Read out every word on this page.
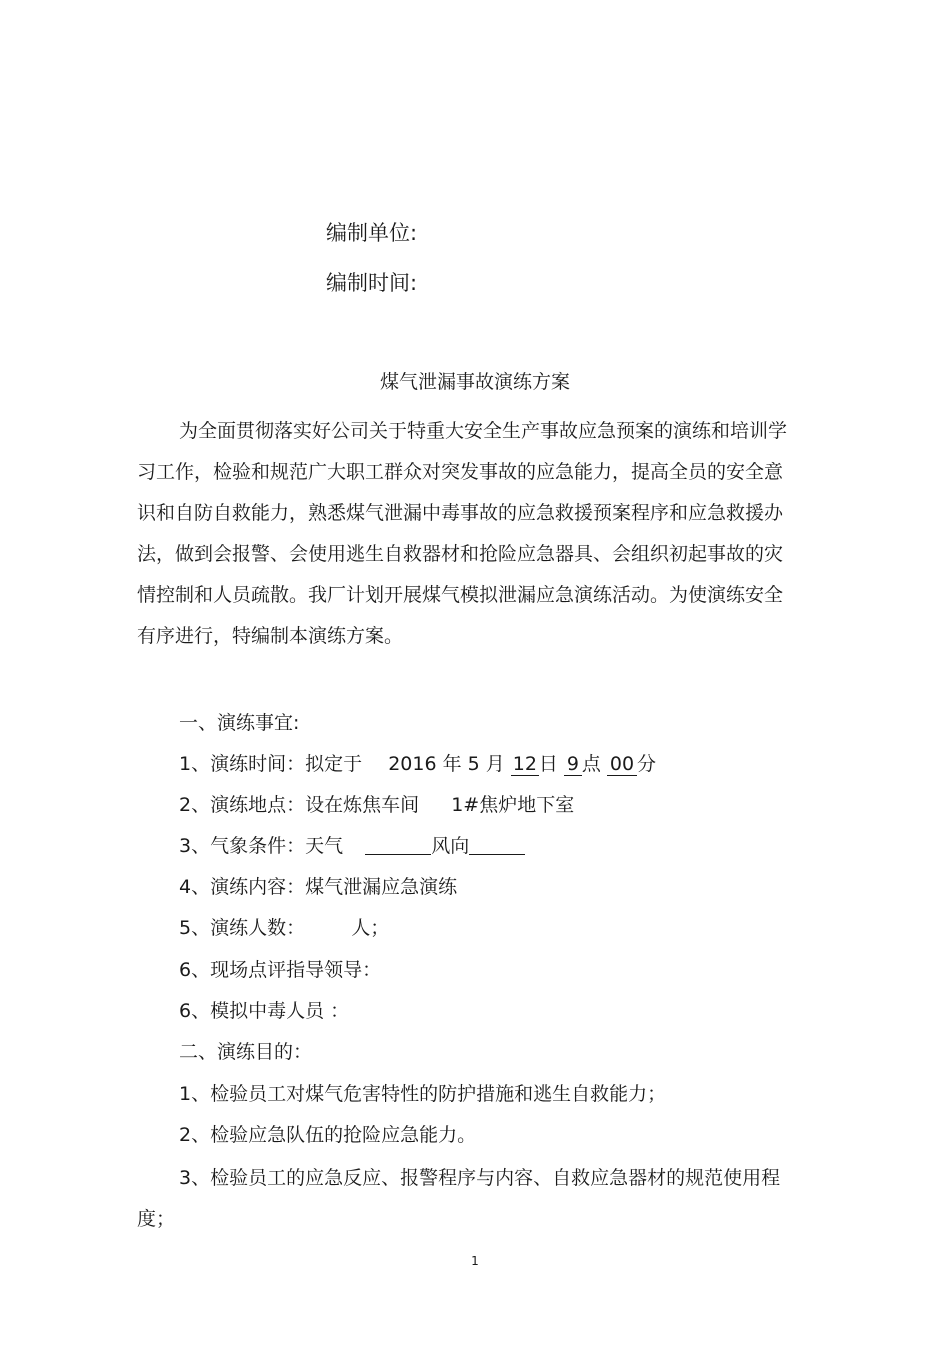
编制单位:
编制时间:
煤气泄漏事故演练方案

为全面贯彻落实好公司关于特重大安全生产事故应急预案的演练和培训学习工作，检验和规范广大职工群众对突发事故的应急能力，提高全员的安全意识和自防自救能力，熟悉煤气泄漏中毒事故的应急救援预案程序和应急救援办法，做到会报警、会使用逃生自救器材和抢险应急器具、会组织初起事故的灾情控制和人员疏散。我厂计划开展煤气模拟泄漏应急演练活动。为使演练安全有序进行，特编制本演练方案。

一、演练事宜:
1、演练时间：拟定于 2016 年 5 月 12 日 9 点 00 分
2、演练地点：设在炼焦车间 1#焦炉地下室
3、气象条件：天气	风向
4、演练内容：煤气泄漏应急演练
5、演练人数： 人；
6、现场点评指导领导：
6、模拟中毒人员 ：
二、演练目的：
1、检验员工对煤气危害特性的防护措施和逃生自救能力；
2、检验应急队伍的抢险应急能力。

3、检验员工的应急反应、报警程序与内容、自救应急器材的规范使用程度；

1
